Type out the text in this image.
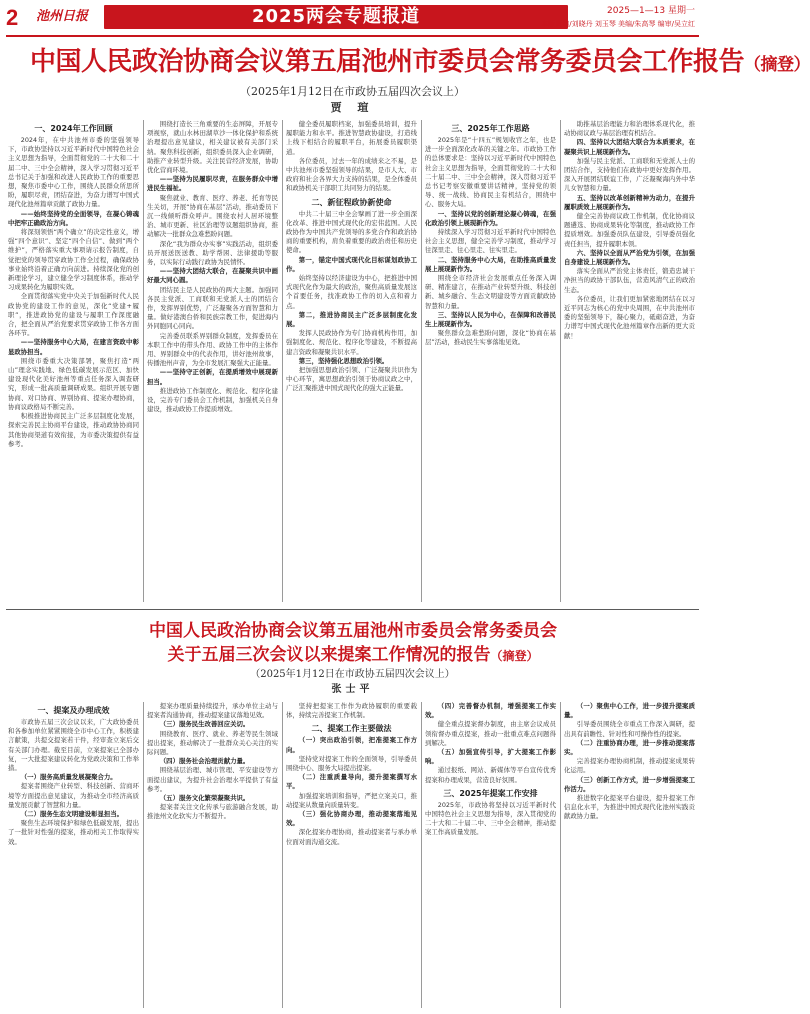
2	池州日报	2025两会专题报道	2025—1—13 星期一
本版责编/刘晓丹 刘玉琴 美编/朱高琴 编审/吴立红
中国人民政治协商会议第五届池州市委员会常务委员会工作报告（摘登）
（2025年1月12日在市政协五届四次会议上）
贾 瑄
一、2024年工作回顾

2024年，在中共池州市委的坚强领导下，市政协坚持以习近平新时代中国特色社会主义思想为指导，全面贯彻党的二十大和二十届二中、三中全会精神，深入学习贯彻习近平总书记关于加强和改进人民政协工作的重要思想，聚焦市委中心工作，围绕人民群众所思所盼，履职尽责，团结奋进，为奋力谱写中国式现代化池州篇章贡献了政协力量。

——始终坚持党的全面领导，在凝心铸魂中把牢正确政治方向。

将深刻领悟“两个确立”的决定性意义，增强“四个意识”、坚定“四个自信”、做到“两个维护”，严格落实重大事项请示报告制度，自觉把党的领导贯穿政协工作全过程，确保政协事业始终沿着正确方向前进。持续深化党的创新理论学习，建立健全学习制度体系，推动学习成果转化为履职实效。

全面贯彻落实党中央关于加强新时代人民政协党的建设工作的意见，深化“党建+履职”，推进政协党的建设与履职工作深度融合，把全面从严治党要求贯穿政协工作各方面各环节。

——坚持服务中心大局，在建言资政中彰显政协担当。

围绕市委重大决策部署，聚焦打造“两山”理念实践地、绿色低碳发展示范区、加快建设现代化美好池州等重点任务深入调查研究，形成一批高质量调研成果。组织开展专题协商、对口协商、界别协商、提案办理协商，协商议政格局不断完善。

积极推进协商民主广泛多层制度化发展，探索完善民主协商平台建设，推动政协协商同其他协商渠道有效衔接，为市委决策提供有益参考。

围绕打造长三角重要的生态屏障，开展专项视察，就山水林田湖草沙一体化保护和系统治理提出意见建议，相关建议被有关部门采纳。聚焦科技创新，组织委员深入企业调研，助推产业转型升级。关注民营经济发展，协助优化营商环境。

——坚持为民履职尽责，在服务群众中增进民生福祉。

聚焦就业、教育、医疗、养老、托育等民生关切，开展“协商在基层”活动，推动委员下沉一线倾听群众呼声。围绕农村人居环境整治、城市更新、社区治理等议题组织协商，推动解决一批群众急难愁盼问题。

深化“我为群众办实事”实践活动，组织委员开展送医送教、助学帮困、法律援助等服务，以实际行动践行政协为民情怀。

——坚持大团结大联合，在凝聚共识中画好最大同心圆。

团结民主是人民政协的两大主题。加强同各民主党派、工商联和无党派人士的团结合作，发挥界别优势，广泛凝聚各方面智慧和力量。做好港澳台侨和民族宗教工作，促进海内外同胞同心同向。

完善委员联系界别群众制度，发挥委员在本职工作中的带头作用、政协工作中的主体作用、界别群众中的代表作用，讲好池州故事，传播池州声音，为全市发展汇聚强大正能量。

——坚持守正创新，在提质增效中展现新担当。

推进政协工作制度化、规范化、程序化建设，完善专门委员会工作机制，加强机关自身建设，推动政协工作提质增效。

健全委员履职档案，加强委员培训，提升履职能力和水平。推进智慧政协建设，打造线上线下相结合的履职平台，拓展委员履职渠道。

各位委员，过去一年的成绩来之不易，是中共池州市委坚强领导的结果，是市人大、市政府和社会各界大力支持的结果，是全体委员和政协机关干部职工共同努力的结果。

二、新征程政协新使命

中共二十届三中全会擘画了进一步全面深化改革、推进中国式现代化的宏伟蓝图。人民政协作为中国共产党领导的多党合作和政治协商的重要机构，肩负着重要的政治责任和历史使命。

第一，锚定中国式现代化目标谋划政协工作。

始终坚持以经济建设为中心，把推进中国式现代化作为最大的政治，聚焦高质量发展这个首要任务，找准政协工作的切入点和着力点。

第二，推进协商民主广泛多层制度化发展。

发挥人民政协作为专门协商机构作用，加强制度化、规范化、程序化等建设，不断提高建言资政和凝聚共识水平。

第三，坚持强化思想政治引领。

把加强思想政治引领、广泛凝聚共识作为中心环节，寓思想政治引领于协商议政之中，广泛汇聚推进中国式现代化的强大正能量。

三、2025年工作思路

2025年是“十四五”规划收官之年，也是进一步全面深化改革的关键之年。市政协工作的总体要求是：坚持以习近平新时代中国特色社会主义思想为指导，全面贯彻党的二十大和二十届二中、三中全会精神，深入贯彻习近平总书记考察安徽重要讲话精神，坚持党的领导、统一战线、协商民主有机结合，围绕中心、服务大局。

一、坚持以党的创新理论凝心铸魂，在强化政治引领上展现新作为。

持续深入学习贯彻习近平新时代中国特色社会主义思想，健全完善学习制度，推动学习往深里走、往心里走、往实里走。

二、坚持服务中心大局，在助推高质量发展上展现新作为。

围绕全市经济社会发展重点任务深入调研、精准建言，在推动产业转型升级、科技创新、城乡融合、生态文明建设等方面贡献政协智慧和力量。

三、坚持以人民为中心，在保障和改善民生上展现新作为。

聚焦群众急难愁盼问题，深化“协商在基层”活动，推动民生实事落地见效。

助推基层治理能力和治理体系现代化，推动协商议政与基层治理有机结合。

四、坚持以大团结大联合为本质要求，在凝聚共识上展现新作为。

加强与民主党派、工商联和无党派人士的团结合作，支持他们在政协中更好发挥作用。深入开展团结联谊工作，广泛凝聚海内外中华儿女智慧和力量。

五、坚持以改革创新精神为动力，在提升履职质效上展现新作为。

健全完善协商议政工作机制，优化协商议题遴选、协商成果转化等制度，推动政协工作提质增效。加强委员队伍建设，引导委员强化责任担当，提升履职本领。

六、坚持以全面从严治党为引领，在加强自身建设上展现新作为。

落实全面从严治党主体责任，锻造忠诚干净担当的政协干部队伍，营造风清气正的政治生态。

各位委员，让我们更加紧密地团结在以习近平同志为核心的党中央周围，在中共池州市委的坚强领导下，凝心聚力，砥砺奋进，为奋力谱写中国式现代化池州篇章作出新的更大贡献！

中国人民政治协商会议第五届池州市委员会常务委员会
关于五届三次会议以来提案工作情况的报告（摘登）
（2025年1月12日在市政协五届四次会议上）
张士平
一、提案及办理成效

市政协五届三次会议以来，广大政协委员和各参加单位紧紧围绕全市中心工作，积极建言献策，共提交提案若干件，经审查立案后交有关部门办理。截至目前，立案提案已全部办复，一大批提案建议转化为党政决策和工作举措。

（一）服务高质量发展凝聚合力。

提案者围绕产业转型、科技创新、营商环境等方面提出意见建议，为推动全市经济高质量发展贡献了智慧和力量。

（二）服务生态文明建设彰显担当。

聚焦生态环境保护和绿色低碳发展，提出了一批针对性强的提案，推动相关工作取得实效。

提案办理质量持续提升，承办单位主动与提案者沟通协商，推动提案建议落地见效。

（三）服务民生改善回应关切。

围绕教育、医疗、就业、养老等民生领域提出提案，推动解决了一批群众关心关注的实际问题。

（四）服务社会治理贡献力量。

围绕基层治理、城市管理、平安建设等方面提出建议，为提升社会治理水平提供了有益参考。

（五）服务文化繁荣凝聚共识。

提案者关注文化传承与旅游融合发展，助推池州文化软实力不断提升。

坚持把提案工作作为政协履职的重要载体，持续完善提案工作机制。

二、提案工作主要做法

（一）突出政治引领，把准提案工作方向。

坚持党对提案工作的全面领导，引导委员围绕中心、服务大局提出提案。

（二）注重质量导向，提升提案撰写水平。

加强提案培训和指导，严把立案关口，推动提案从数量向质量转变。

（三）强化协商办理，推动提案落地见效。

深化提案办理协商，推动提案者与承办单位面对面沟通交流。

（四）完善督办机制，增强提案工作实效。

健全重点提案督办制度，由主席会议成员领衔督办重点提案，推动一批重点难点问题得到解决。

（五）加强宣传引导，扩大提案工作影响。

通过报纸、网站、新媒体等平台宣传优秀提案和办理成果，营造良好氛围。

三、2025年提案工作安排

2025年，市政协将坚持以习近平新时代中国特色社会主义思想为指导，深入贯彻党的二十大和二十届二中、三中全会精神，推动提案工作高质量发展。

（一）聚焦中心工作，进一步提升提案质量。

引导委员围绕全市重点工作深入调研，提出具有前瞻性、针对性和可操作性的提案。

（二）注重协商办理，进一步推动提案落实。

完善提案办理协商机制，推动提案成果转化运用。

（三）创新工作方式，进一步增强提案工作活力。

推进数字化提案平台建设，提升提案工作信息化水平，为推进中国式现代化池州实践贡献政协力量。
